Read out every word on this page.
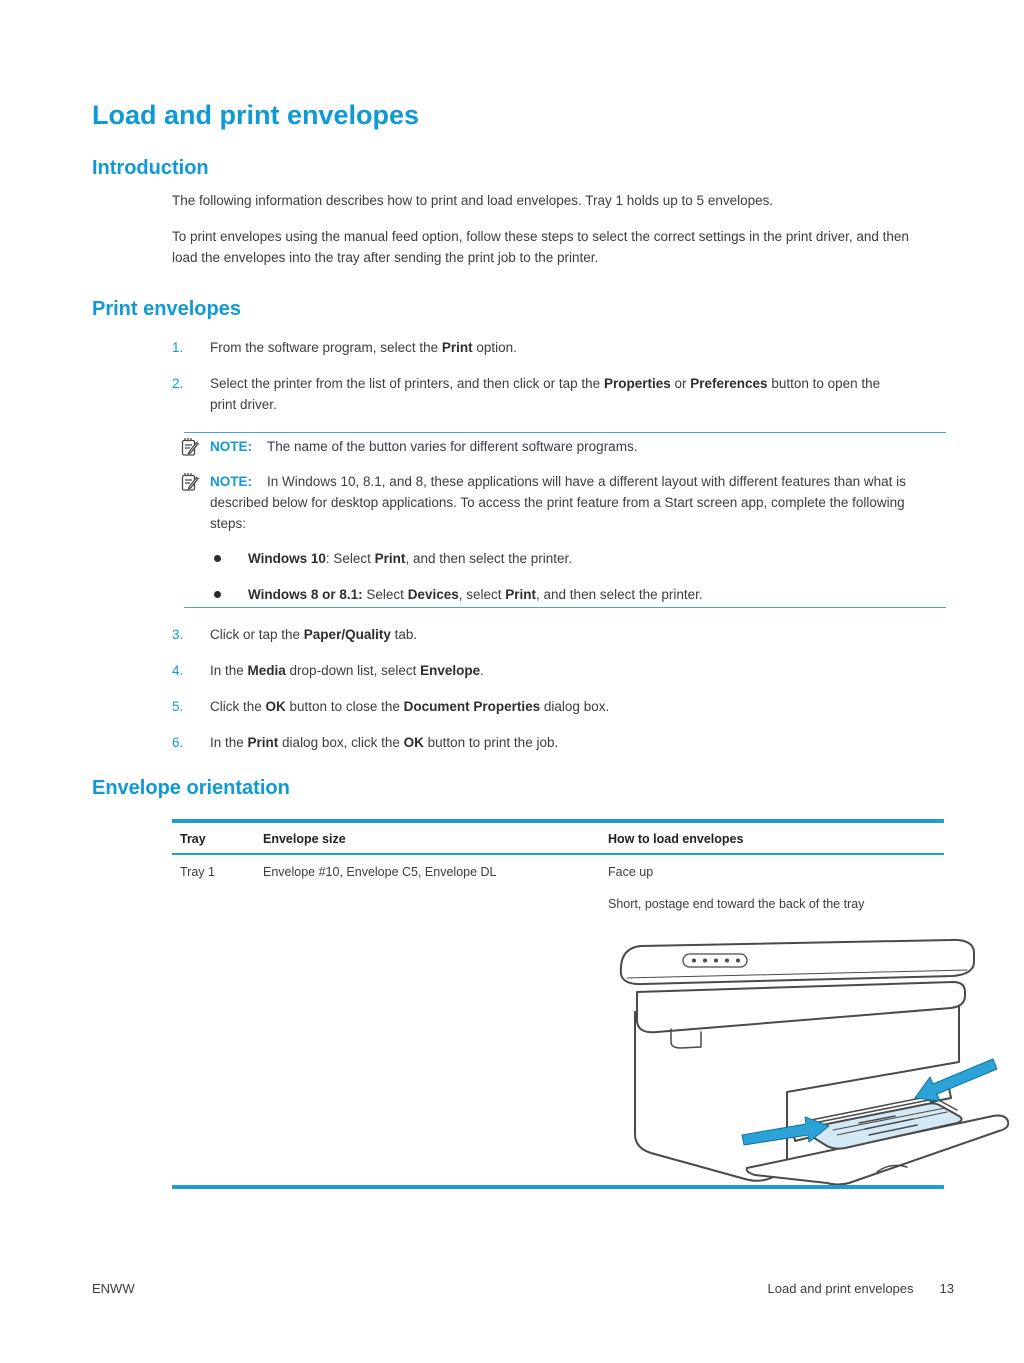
Load and print envelopes
Introduction

The following information describes how to print and load envelopes. Tray 1 holds up to 5 envelopes.

To print envelopes using the manual feed option, follow these steps to select the correct settings in the print driver, and then load the envelopes into the tray after sending the print job to the printer.

Print envelopes
1.	From the software program, select the Print option.
2.	Select the printer from the list of printers, and then click or tap the Properties or Preferences button to open the print driver.
NOTE: The name of the button varies for different software programs.
NOTE: In Windows 10, 8.1, and 8, these applications will have a different layout with different features than what is described below for desktop applications. To access the print feature from a Start screen app, complete the following steps:
Windows 10: Select Print, and then select the printer.
Windows 8 or 8.1: Select Devices, select Print, and then select the printer.
3.	Click or tap the Paper/Quality tab.
4.	In the Media drop-down list, select Envelope.
5.	Click the OK button to close the Document Properties dialog box.
6.	In the Print dialog box, click the OK button to print the job.
Envelope orientation
Tray	Envelope size	How to load envelopes
Tray 1	Envelope #10, Envelope C5, Envelope DL	Face up
Short, postage end toward the back of the tray
ENWW	Load and print envelopes 13
